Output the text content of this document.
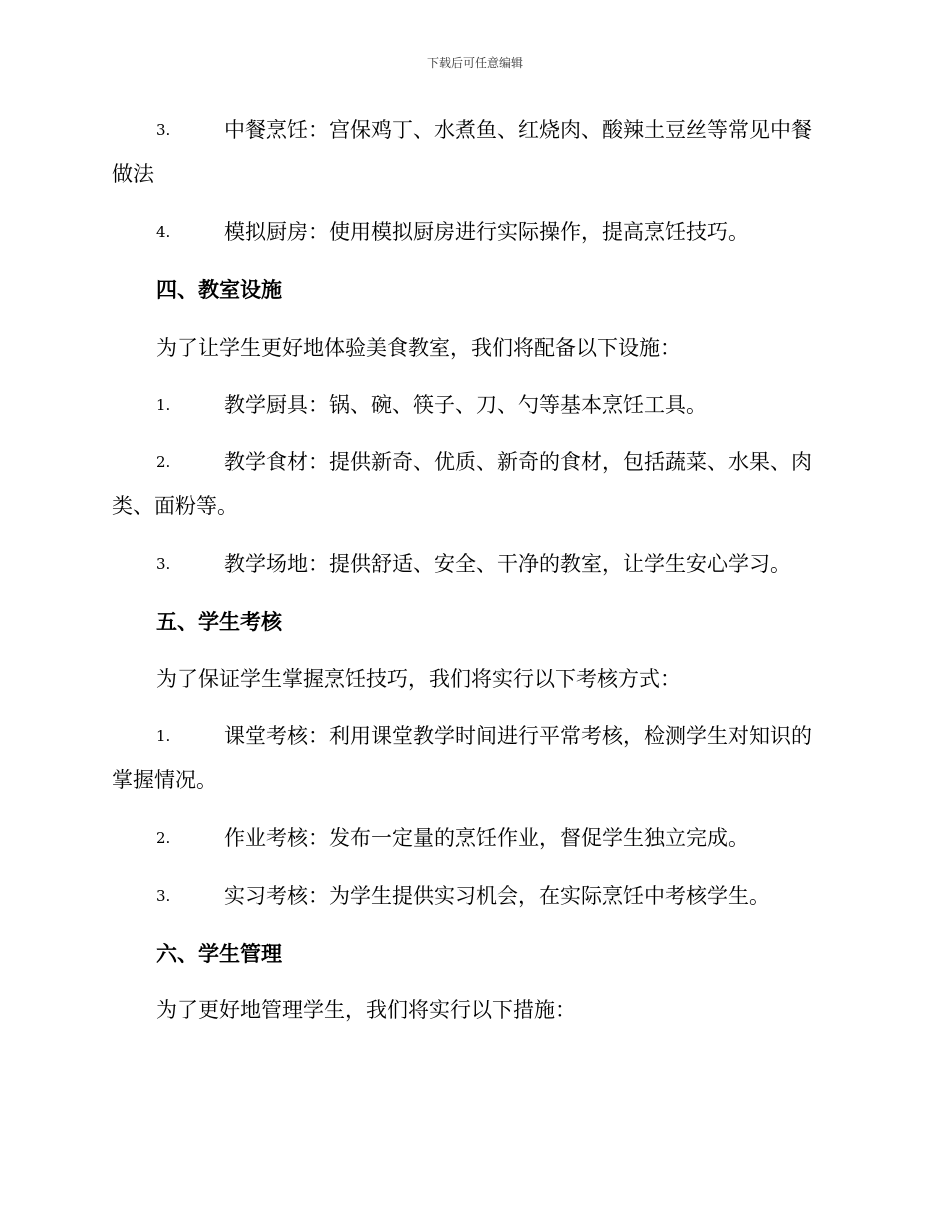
下载后可任意编辑
3.	中餐烹饪：宫保鸡丁、水煮鱼、红烧肉、酸辣土豆丝等常见中餐
做法
4.	模拟厨房：使用模拟厨房进行实际操作，提高烹饪技巧。
四、教室设施
为了让学生更好地体验美食教室，我们将配备以下设施：
1.	教学厨具：锅、碗、筷子、刀、勺等基本烹饪工具。
2.	教学食材：提供新奇、优质、新奇的食材，包括蔬菜、水果、肉
类、面粉等。
3.	教学场地：提供舒适、安全、干净的教室，让学生安心学习。
五、学生考核
为了保证学生掌握烹饪技巧，我们将实行以下考核方式：
1.	课堂考核：利用课堂教学时间进行平常考核，检测学生对知识的
掌握情况。
2.	作业考核：发布一定量的烹饪作业，督促学生独立完成。
3.	实习考核：为学生提供实习机会，在实际烹饪中考核学生。
六、学生管理
为了更好地管理学生，我们将实行以下措施：
